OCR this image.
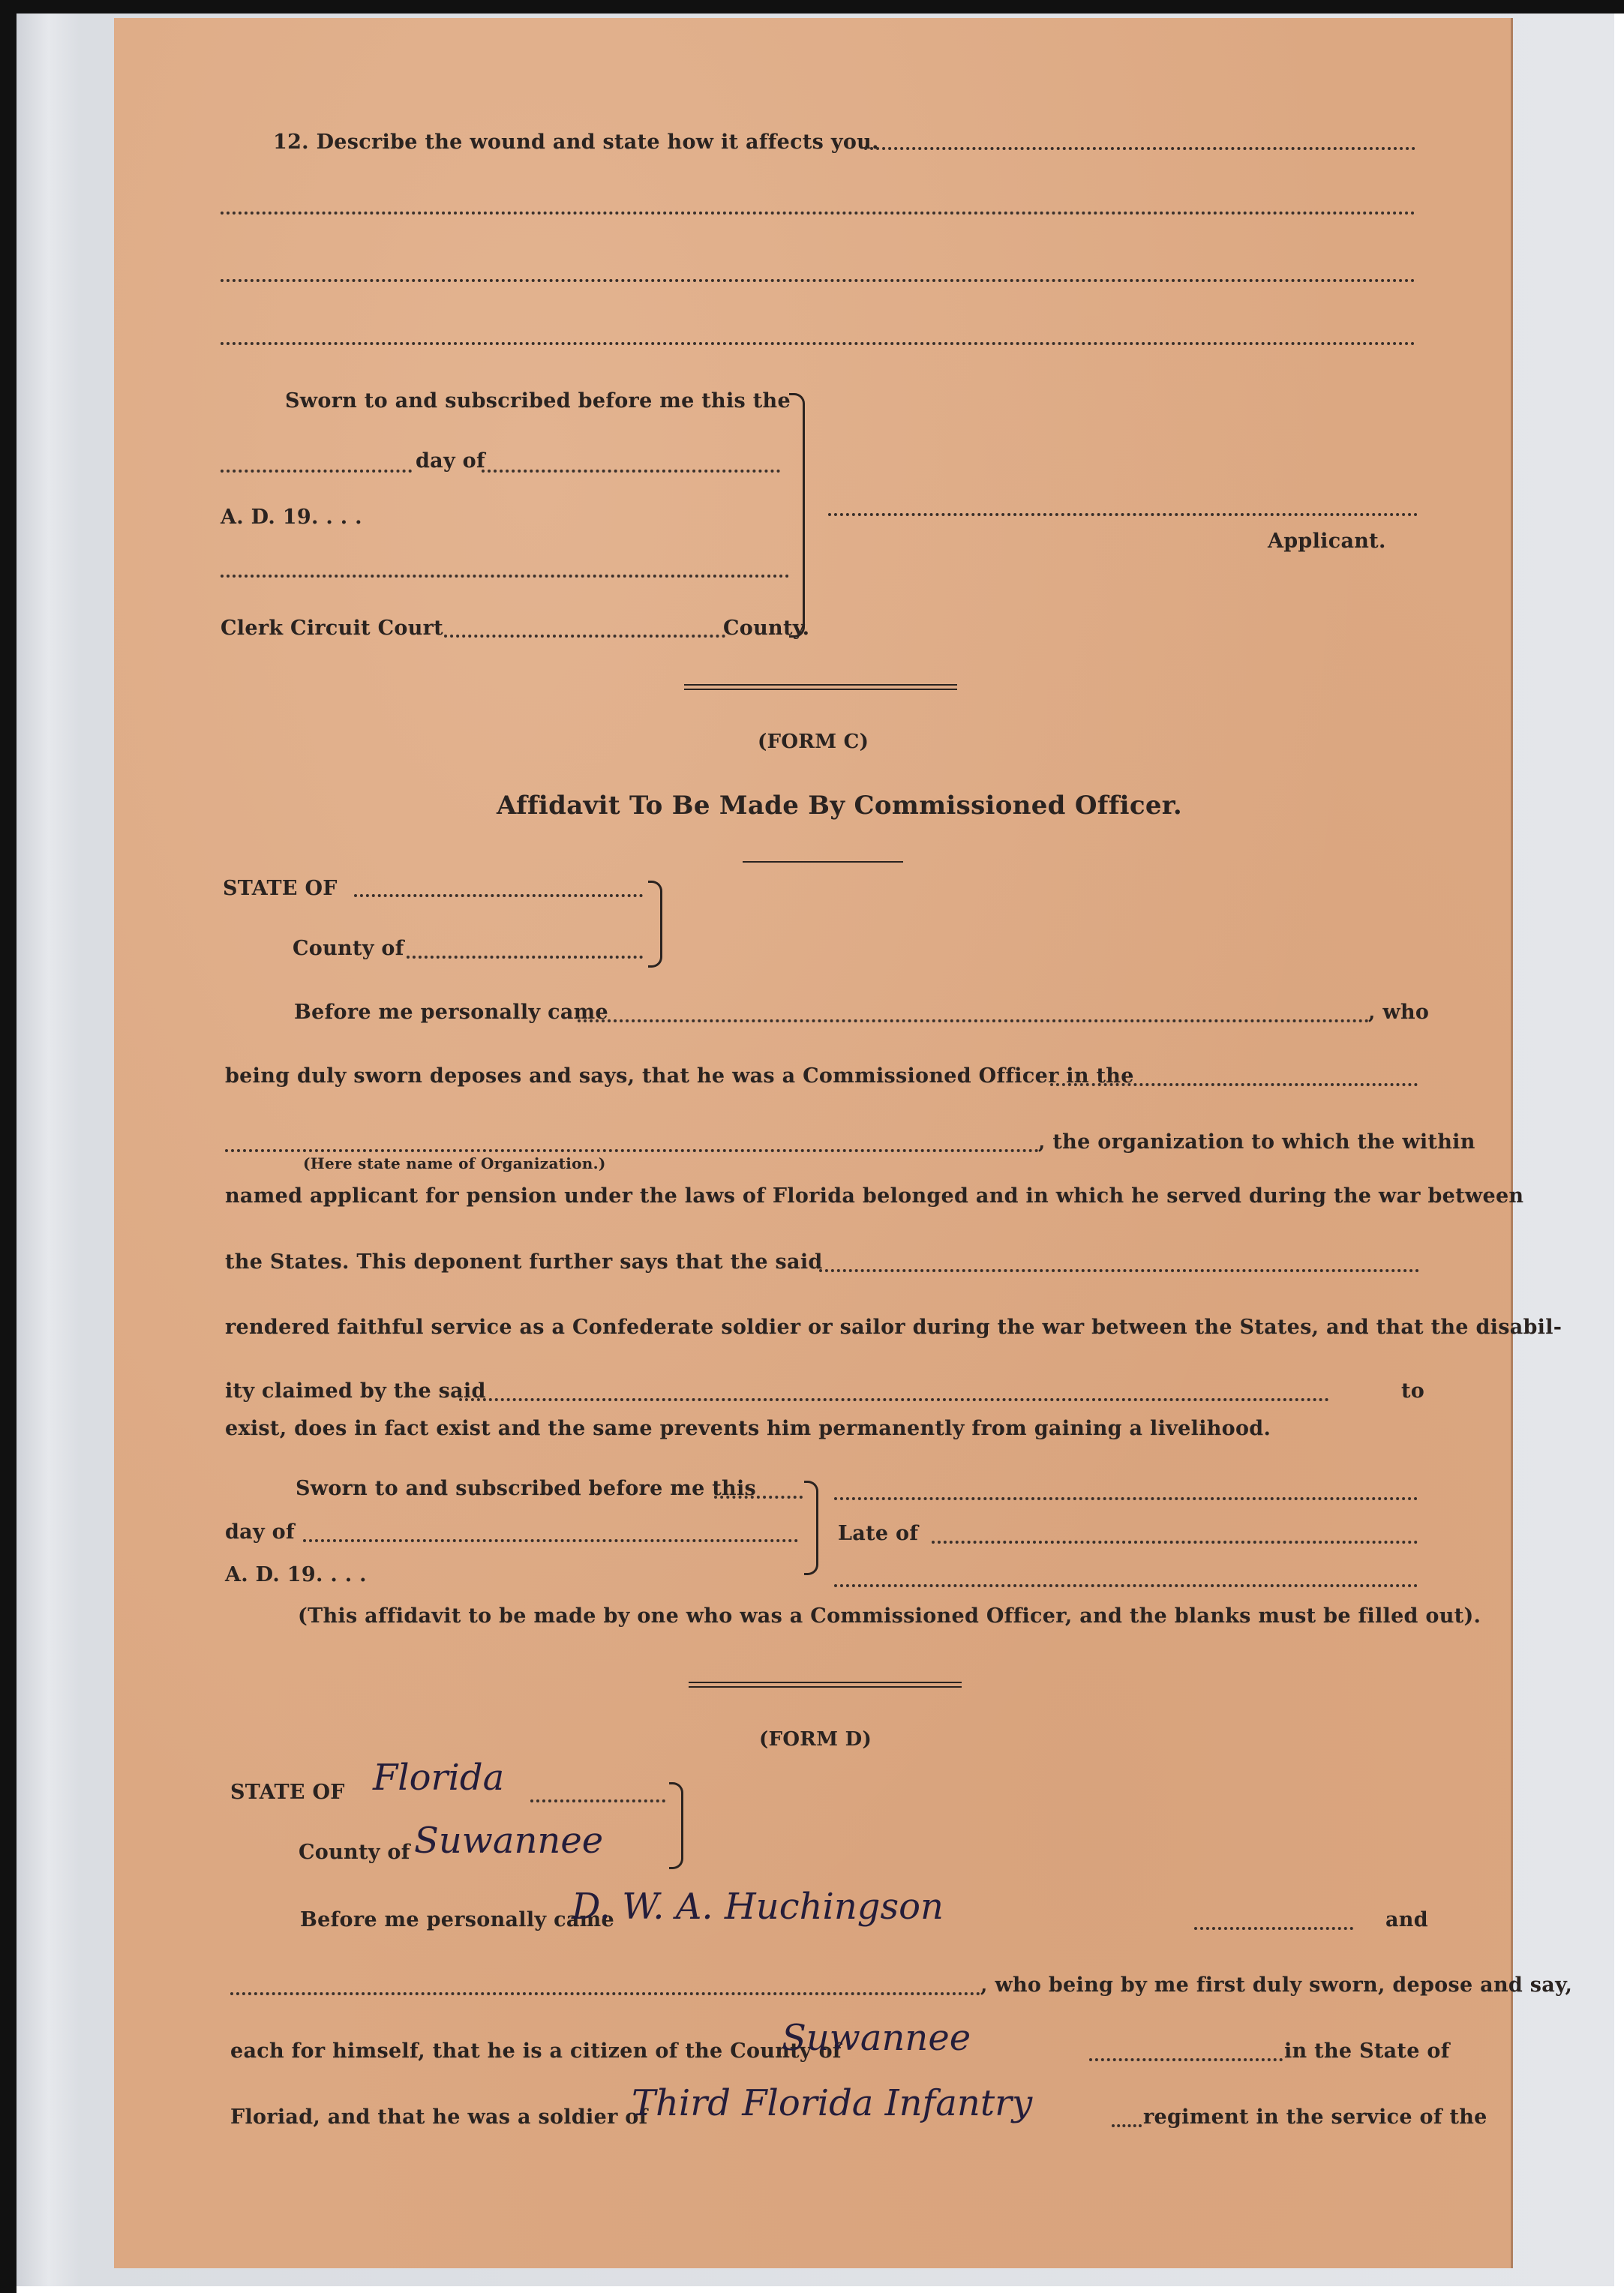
12. Describe the wound and state how it affects you.
Sworn to and subscribed before me this the
day of
A. D. 19. . . .
Clerk Circuit Court	County.
Applicant.
(FORM C)
Affidavit To Be Made By Commissioned Officer.
STATE OF
County of
Before me personally came	, who
being duly sworn deposes and says, that he was a Commissioned Officer in the
, the organization to which the within
(Here state name of Organization.)
named applicant for pension under the laws of Florida belonged and in which he served during the war between
the States. This deponent further says that the said
rendered faithful service as a Confederate soldier or sailor during the war between the States, and that the disabil-
ity claimed by the said	to
exist, does in fact exist and the same prevents him permanently from gaining a livelihood.
Sworn to and subscribed before me this
day of
A. D. 19. . . .
Late of
(This affidavit to be made by one who was a Commissioned Officer, and the blanks must be filled out).
(FORM D)
STATE OF Florida
County of Suwannee
Before me personally came
D. W. A. Huchingson	and
, who being by me first duly sworn, depose and say,
each for himself, that he is a citizen of the County of
Suwannee	in the State of
Floriad, and that he was a soldier of
Third Florida Infantry	regiment in the service of the
